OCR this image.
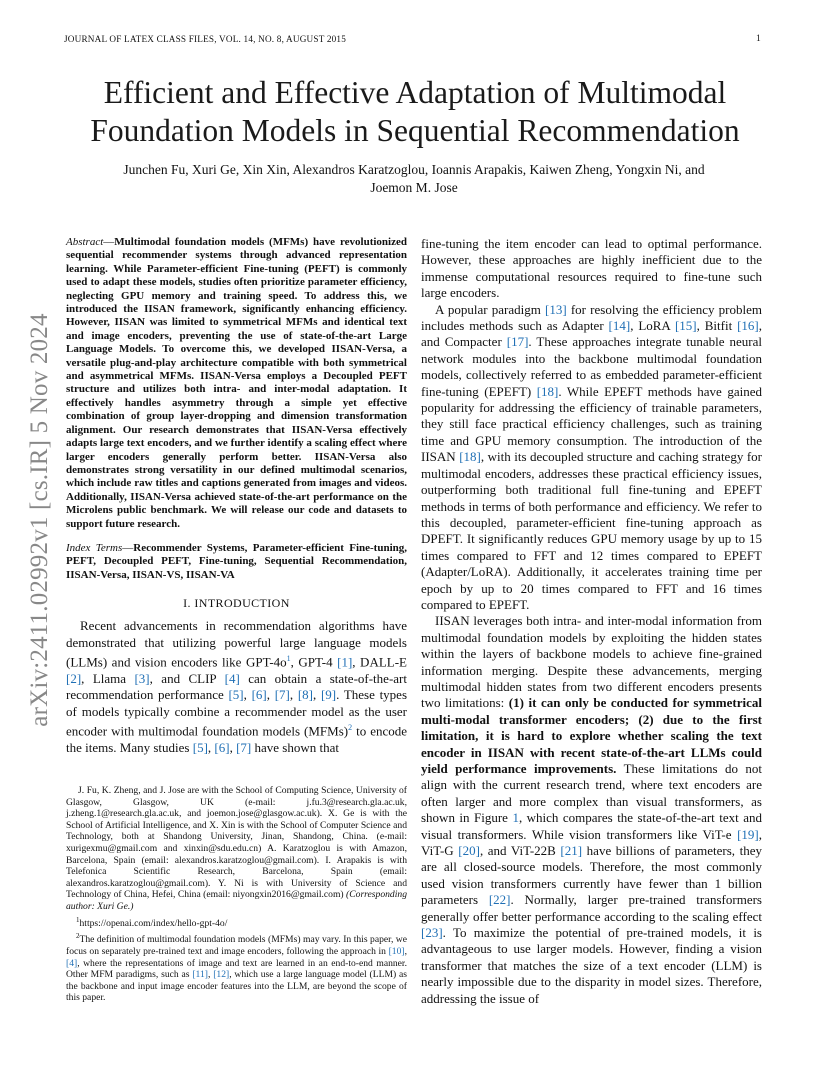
JOURNAL OF LATEX CLASS FILES, VOL. 14, NO. 8, AUGUST 2015	1
Efficient and Effective Adaptation of Multimodal
Foundation Models in Sequential Recommendation
Junchen Fu, Xuri Ge, Xin Xin, Alexandros Karatzoglou, Ioannis Arapakis, Kaiwen Zheng, Yongxin Ni, and
Joemon M. Jose
arXiv:2411.02992v1 [cs.IR] 5 Nov 2024

Abstract—Multimodal foundation models (MFMs) have revolutionized sequential recommender systems through advanced representation learning. While Parameter-efficient Fine-tuning (PEFT) is commonly used to adapt these models, studies often prioritize parameter efficiency, neglecting GPU memory and training speed. To address this, we introduced the IISAN framework, significantly enhancing efficiency. However, IISAN was limited to symmetrical MFMs and identical text and image encoders, preventing the use of state-of-the-art Large Language Models. To overcome this, we developed IISAN-Versa, a versatile plug-and-play architecture compatible with both symmetrical and asymmetrical MFMs. IISAN-Versa employs a Decoupled PEFT structure and utilizes both intra- and inter-modal adaptation. It effectively handles asymmetry through a simple yet effective combination of group layer-dropping and dimension transformation alignment. Our research demonstrates that IISAN-Versa effectively adapts large text encoders, and we further identify a scaling effect where larger encoders generally perform better. IISAN-Versa also demonstrates strong versatility in our defined multimodal scenarios, which include raw titles and captions generated from images and videos. Additionally, IISAN-Versa achieved state-of-the-art performance on the Microlens public benchmark. We will release our code and datasets to support future research.

Index Terms—Recommender Systems, Parameter-efficient Fine-tuning, PEFT, Decoupled PEFT, Fine-tuning, Sequential Recommendation, IISAN-Versa, IISAN-VS, IISAN-VA

I. INTRODUCTION

Recent advancements in recommendation algorithms have demonstrated that utilizing powerful large language models (LLMs) and vision encoders like GPT-4o$^1$, GPT-4 [1], DALL-E [2], Llama [3], and CLIP [4] can obtain a state-of-the-art recommendation performance [5], [6], [7], [8], [9]. These types of models typically combine a recommender model as the user encoder with multimodal foundation models (MFMs)$^2$ to encode the items. Many studies [5], [6], [7] have shown that

J. Fu, K. Zheng, and J. Jose are with the School of Computing Science, University of Glasgow, Glasgow, UK (e-mail: j.fu.3@research.gla.ac.uk, j.zheng.1@research.gla.ac.uk, and joemon.jose@glasgow.ac.uk). X. Ge is with the School of Artificial Intelligence, and X. Xin is with the School of Computer Science and Technology, both at Shandong University, Jinan, Shandong, China. (e-mail: xurigexmu@gmail.com and xinxin@sdu.edu.cn) A. Karatzoglou is with Amazon, Barcelona, Spain (email: alexandros.karatzoglou@gmail.com). I. Arapakis is with Telefonica Scientific Research, Barcelona, Spain (email: alexandros.karatzoglou@gmail.com). Y. Ni is with University of Science and Technology of China, Hefei, China (email: niyongxin2016@gmail.com) (Corresponding author: Xuri Ge.)

$^1$https://openai.com/index/hello-gpt-4o/

$^2$The definition of multimodal foundation models (MFMs) may vary. In this paper, we focus on separately pre-trained text and image encoders, following the approach in [10], [4], where the representations of image and text are learned in an end-to-end manner. Other MFM paradigms, such as [11], [12], which use a large language model (LLM) as the backbone and input image encoder features into the LLM, are beyond the scope of this paper.

fine-tuning the item encoder can lead to optimal performance. However, these approaches are highly inefficient due to the immense computational resources required to fine-tune such large encoders.

A popular paradigm [13] for resolving the efficiency problem includes methods such as Adapter [14], LoRA [15], Bitfit [16], and Compacter [17]. These approaches integrate tunable neural network modules into the backbone multimodal foundation models, collectively referred to as embedded parameter-efficient fine-tuning (EPEFT) [18]. While EPEFT methods have gained popularity for addressing the efficiency of trainable parameters, they still face practical efficiency challenges, such as training time and GPU memory consumption. The introduction of the IISAN [18], with its decoupled structure and caching strategy for multimodal encoders, addresses these practical efficiency issues, outperforming both traditional full fine-tuning and EPEFT methods in terms of both performance and efficiency. We refer to this decoupled, parameter-efficient fine-tuning approach as DPEFT. It significantly reduces GPU memory usage by up to 15 times compared to FFT and 12 times compared to EPEFT (Adapter/LoRA). Additionally, it accelerates training time per epoch by up to 20 times compared to FFT and 16 times compared to EPEFT.

IISAN leverages both intra- and inter-modal information from multimodal foundation models by exploiting the hidden states within the layers of backbone models to achieve fine-grained information merging. Despite these advancements, merging multimodal hidden states from two different encoders presents two limitations: (1) it can only be conducted for symmetrical multi-modal transformer encoders; (2) due to the first limitation, it is hard to explore whether scaling the text encoder in IISAN with recent state-of-the-art LLMs could yield performance improvements. These limitations do not align with the current research trend, where text encoders are often larger and more complex than visual transformers, as shown in Figure 1, which compares the state-of-the-art text and visual transformers. While vision transformers like ViT-e [19], ViT-G [20], and ViT-22B [21] have billions of parameters, they are all closed-source models. Therefore, the most commonly used vision transformers currently have fewer than 1 billion parameters [22]. Normally, larger pre-trained transformers generally offer better performance according to the scaling effect [23]. To maximize the potential of pre-trained models, it is advantageous to use larger models. However, finding a vision transformer that matches the size of a text encoder (LLM) is nearly impossible due to the disparity in model sizes. Therefore, addressing the issue of
